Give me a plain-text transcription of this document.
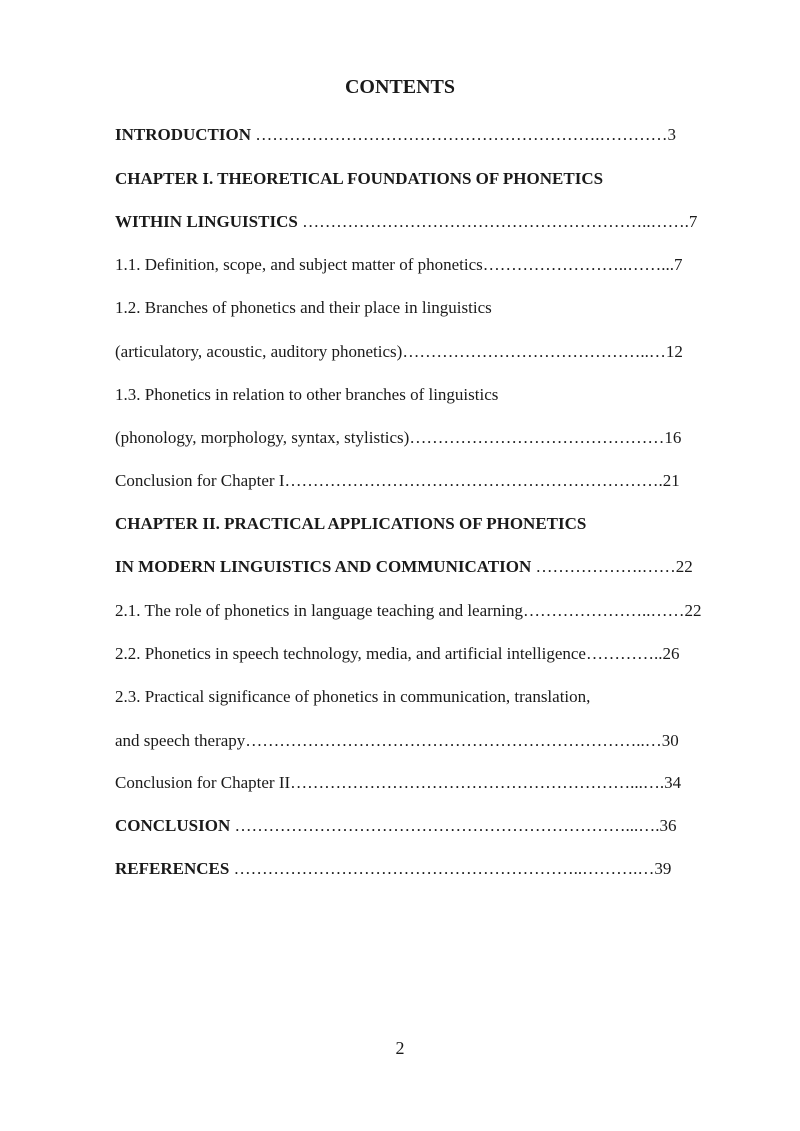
CONTENTS
INTRODUCTION …………………………………………………….…………3
CHAPTER I. THEORETICAL FOUNDATIONS OF PHONETICS
WITHIN LINGUISTICS ……………………………………………………..…….7
1.1. Definition, scope, and subject matter of phonetics……………………..……...7
1.2. Branches of phonetics and their place in linguistics
(articulatory, acoustic, auditory phonetics)……………………………………..…12
1.3. Phonetics in relation to other branches of linguistics
(phonology, morphology, syntax, stylistics)………………………………………16
Conclusion for Chapter I………………………………………………………….21
CHAPTER II. PRACTICAL APPLICATIONS OF PHONETICS
IN MODERN LINGUISTICS AND COMMUNICATION ……………….……22
2.1. The role of phonetics in language teaching and learning…………………..……22
2.2. Phonetics in speech technology, media, and artificial intelligence…………..26
2.3. Practical significance of phonetics in communication, translation,
and speech therapy……………………………………………………………..…30
Conclusion for Chapter II……………………………………………………...….34
CONCLUSION ……………………………………………………………...….36
REFERENCES ……………………………………………………..……….…39
2
